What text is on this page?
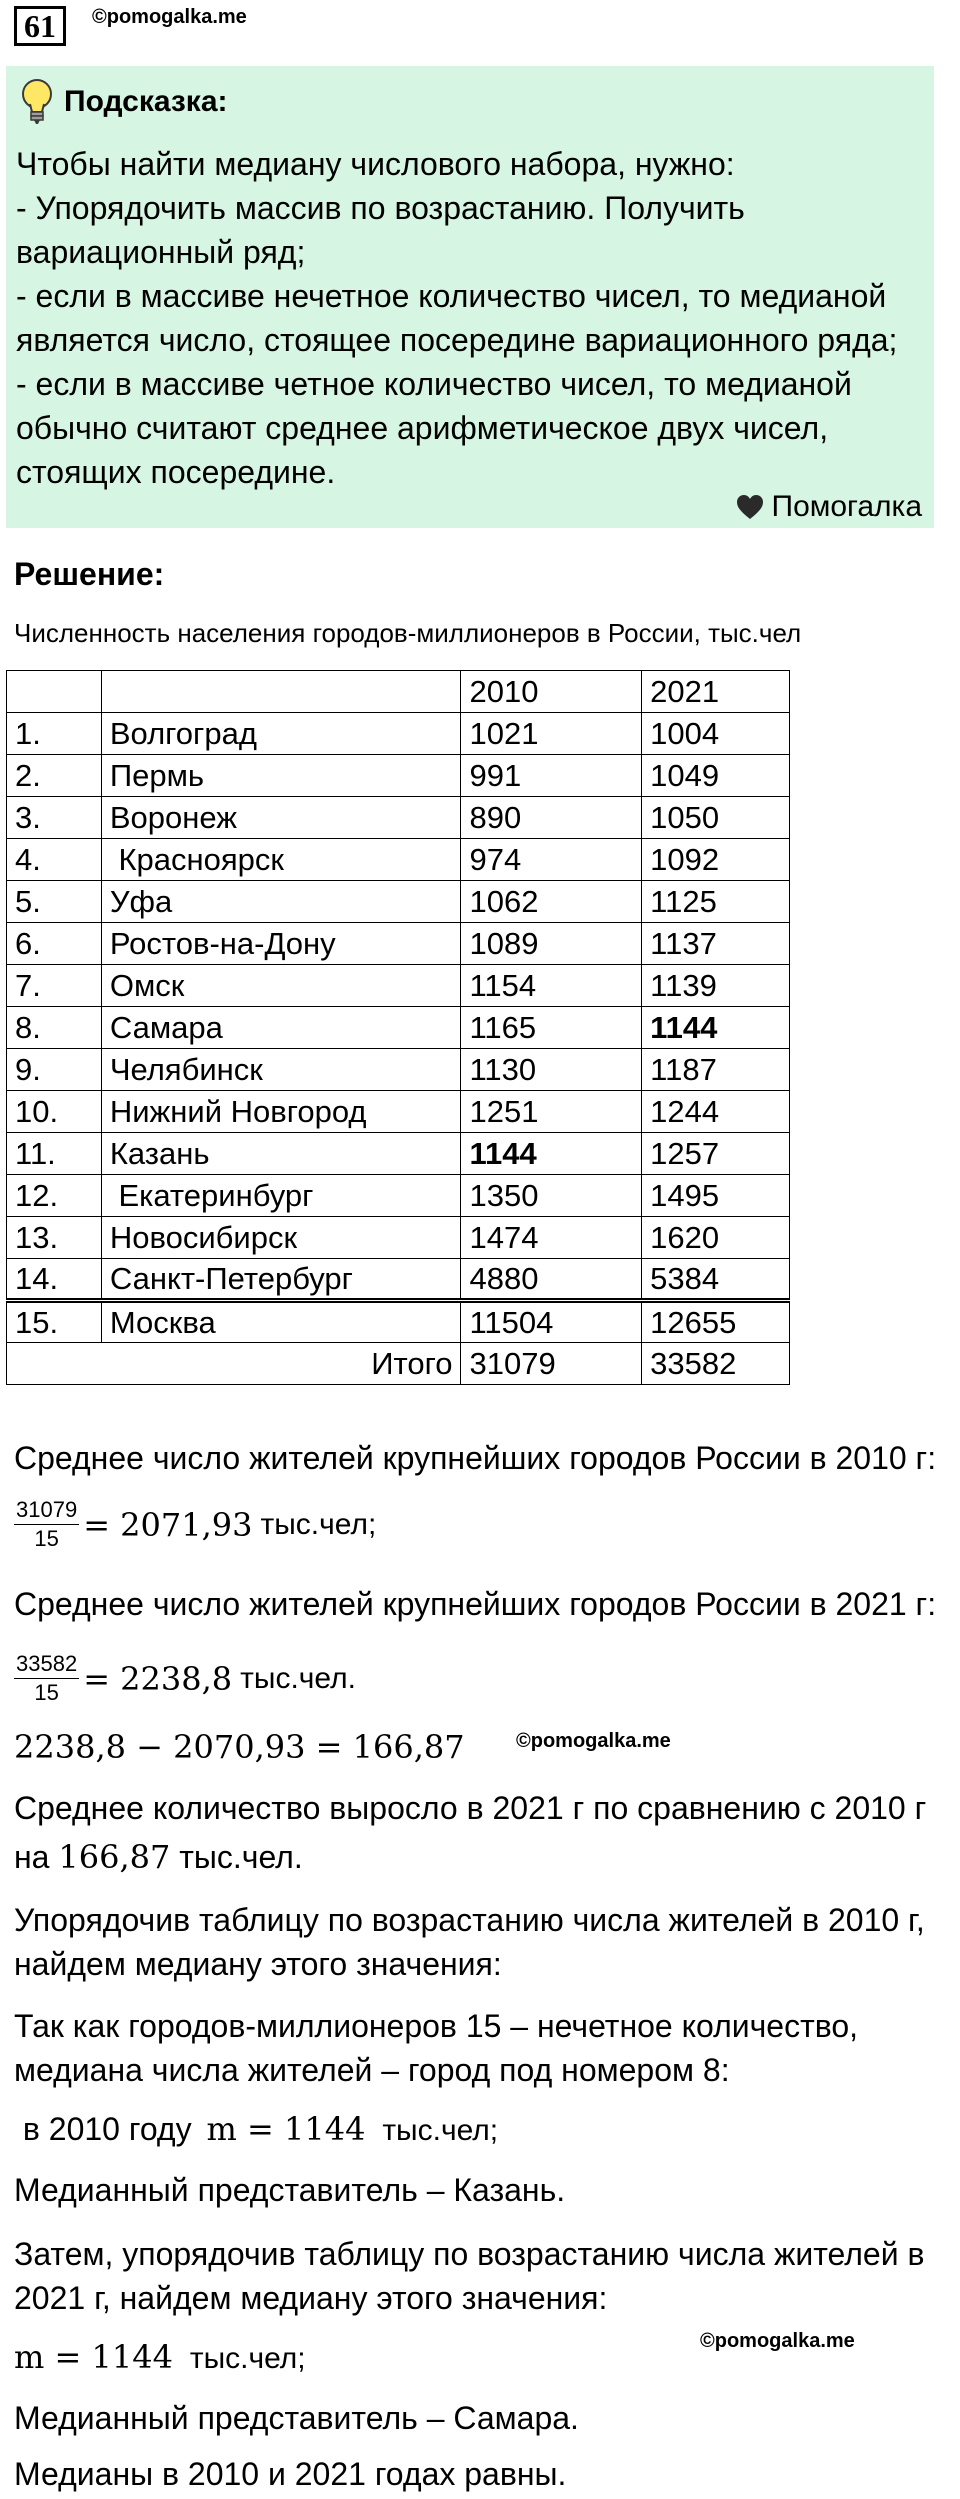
61	©pomogalka.me
Подсказка:
Чтобы найти медиану числового набора, нужно:
- Упорядочить массив по возрастанию. Получить вариационный ряд;
- если в массиве нечетное количество чисел, то медианой является число, стоящее посередине вариационного ряда;
- если в массиве четное количество чисел, то медианой обычно считают среднее арифметическое двух чисел, стоящих посередине.
Помогалка
Решение:
Численность населения городов-миллионеров в России, тыс.чел
		2010	2021
1.	Волгоград	1021	1004
2.	Пермь	991	1049
3.	Воронеж	890	1050
4.	Красноярск	974	1092
5.	Уфа	1062	1125
6.	Ростов-на-Дону	1089	1137
7.	Омск	1154	1139
8.	Самара	1165	1144
9.	Челябинск	1130	1187
10.	Нижний Новгород	1251	1244
11.	Казань	1144	1257
12.	Екатеринбург	1350	1495
13.	Новосибирск	1474	1620
14.	Санкт-Петербург	4880	5384
15.	Москва	11504	12655
Итого		31079	33582
Среднее число жителей крупнейших городов России в 2010 г:
$\frac{31079}{15} = 2071,93$ тыс.чел;
Среднее число жителей крупнейших городов России в 2021 г:
$\frac{33582}{15} = 2238,8$ тыс.чел.
2238,8 − 2070,93 = 166,87	©pomogalka.me
Среднее количество выросло в 2021 г по сравнению с 2010 г
на 166,87 тыс.чел.
Упорядочив таблицу по возрастанию числа жителей в 2010 г, найдем медиану этого значения:
Так как городов-миллионеров 15 – нечетное количество, медиана числа жителей – город под номером 8:
в 2010 году m = 1144 тыс.чел;
Медианный представитель – Казань.
Затем, упорядочив таблицу по возрастанию числа жителей в 2021 г, найдем медиану этого значения:
m = 1144 тыс.чел;
©pomogalka.me
Медианный представитель – Самара.
Медианы в 2010 и 2021 годах равны.
